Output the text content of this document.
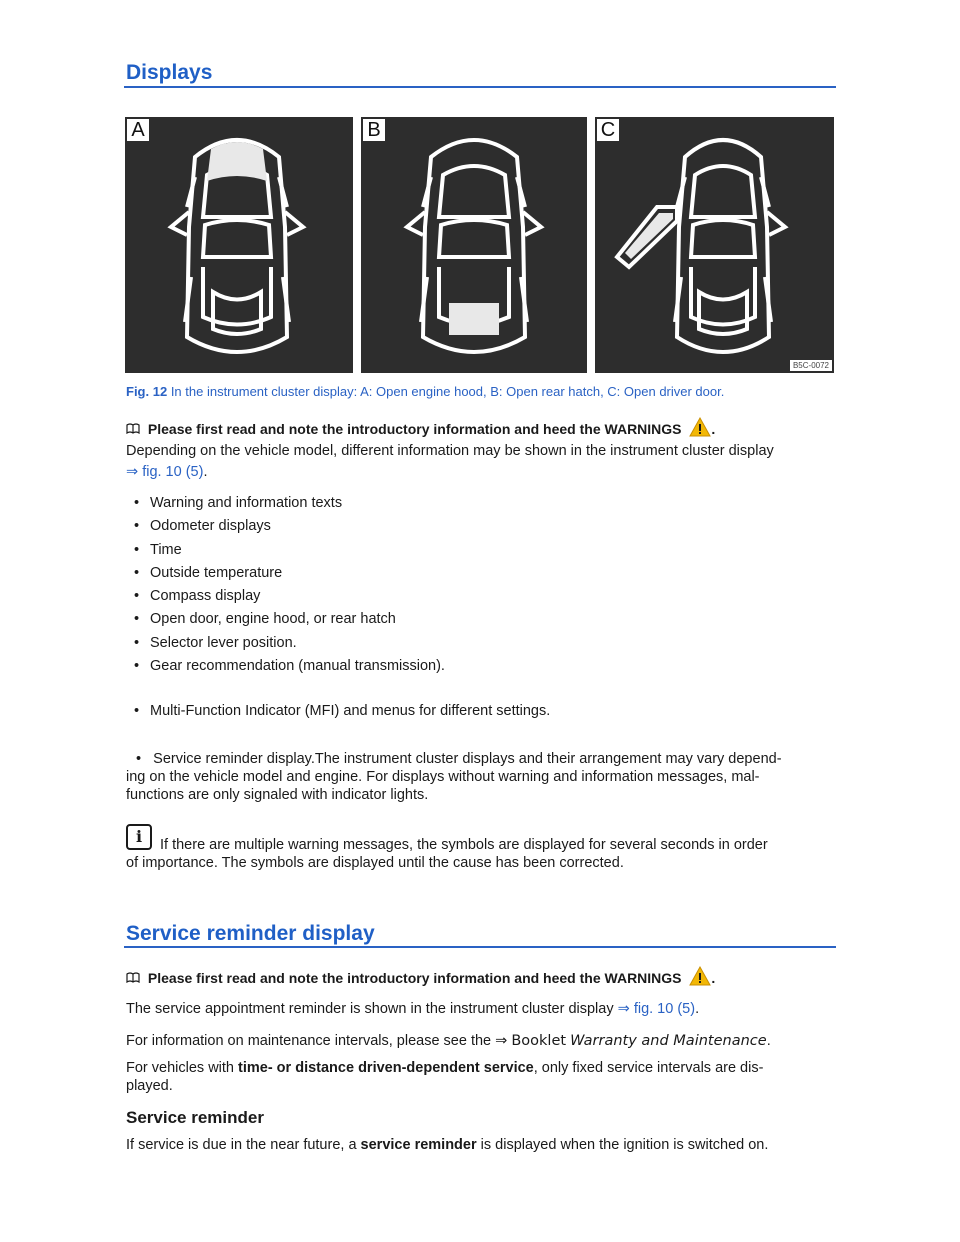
Displays
A	B	C
B5C-0072
Fig. 12 In the instrument cluster display: A: Open engine hood, B: Open rear hatch, C: Open driver door.
Please first read and note the introductory information and heed the WARNINGS .
Depending on the vehicle model, different information may be shown in the instrument cluster display
⇒ fig. 10 (5).
• Warning and information texts
• Odometer displays
• Time
• Outside temperature
• Compass display
• Open door, engine hood, or rear hatch
• Selector lever position.
• Gear recommendation (manual transmission).
• Multi-Function Indicator (MFI) and menus for different settings.
•   Service reminder display.The instrument cluster displays and their arrangement may vary depend-
ing on the vehicle model and engine. For displays without warning and information messages, mal-
functions are only signaled with indicator lights.
i	If there are multiple warning messages, the symbols are displayed for several seconds in order
of importance. The symbols are displayed until the cause has been corrected.
Service reminder display
Please first read and note the introductory information and heed the WARNINGS .
The service appointment reminder is shown in the instrument cluster display ⇒ fig. 10 (5).
For information on maintenance intervals, please see the ⇒ Booklet Warranty and Maintenance.
For vehicles with time- or distance driven-dependent service, only fixed service intervals are dis-
played.
Service reminder
If service is due in the near future, a service reminder is displayed when the ignition is switched on.
